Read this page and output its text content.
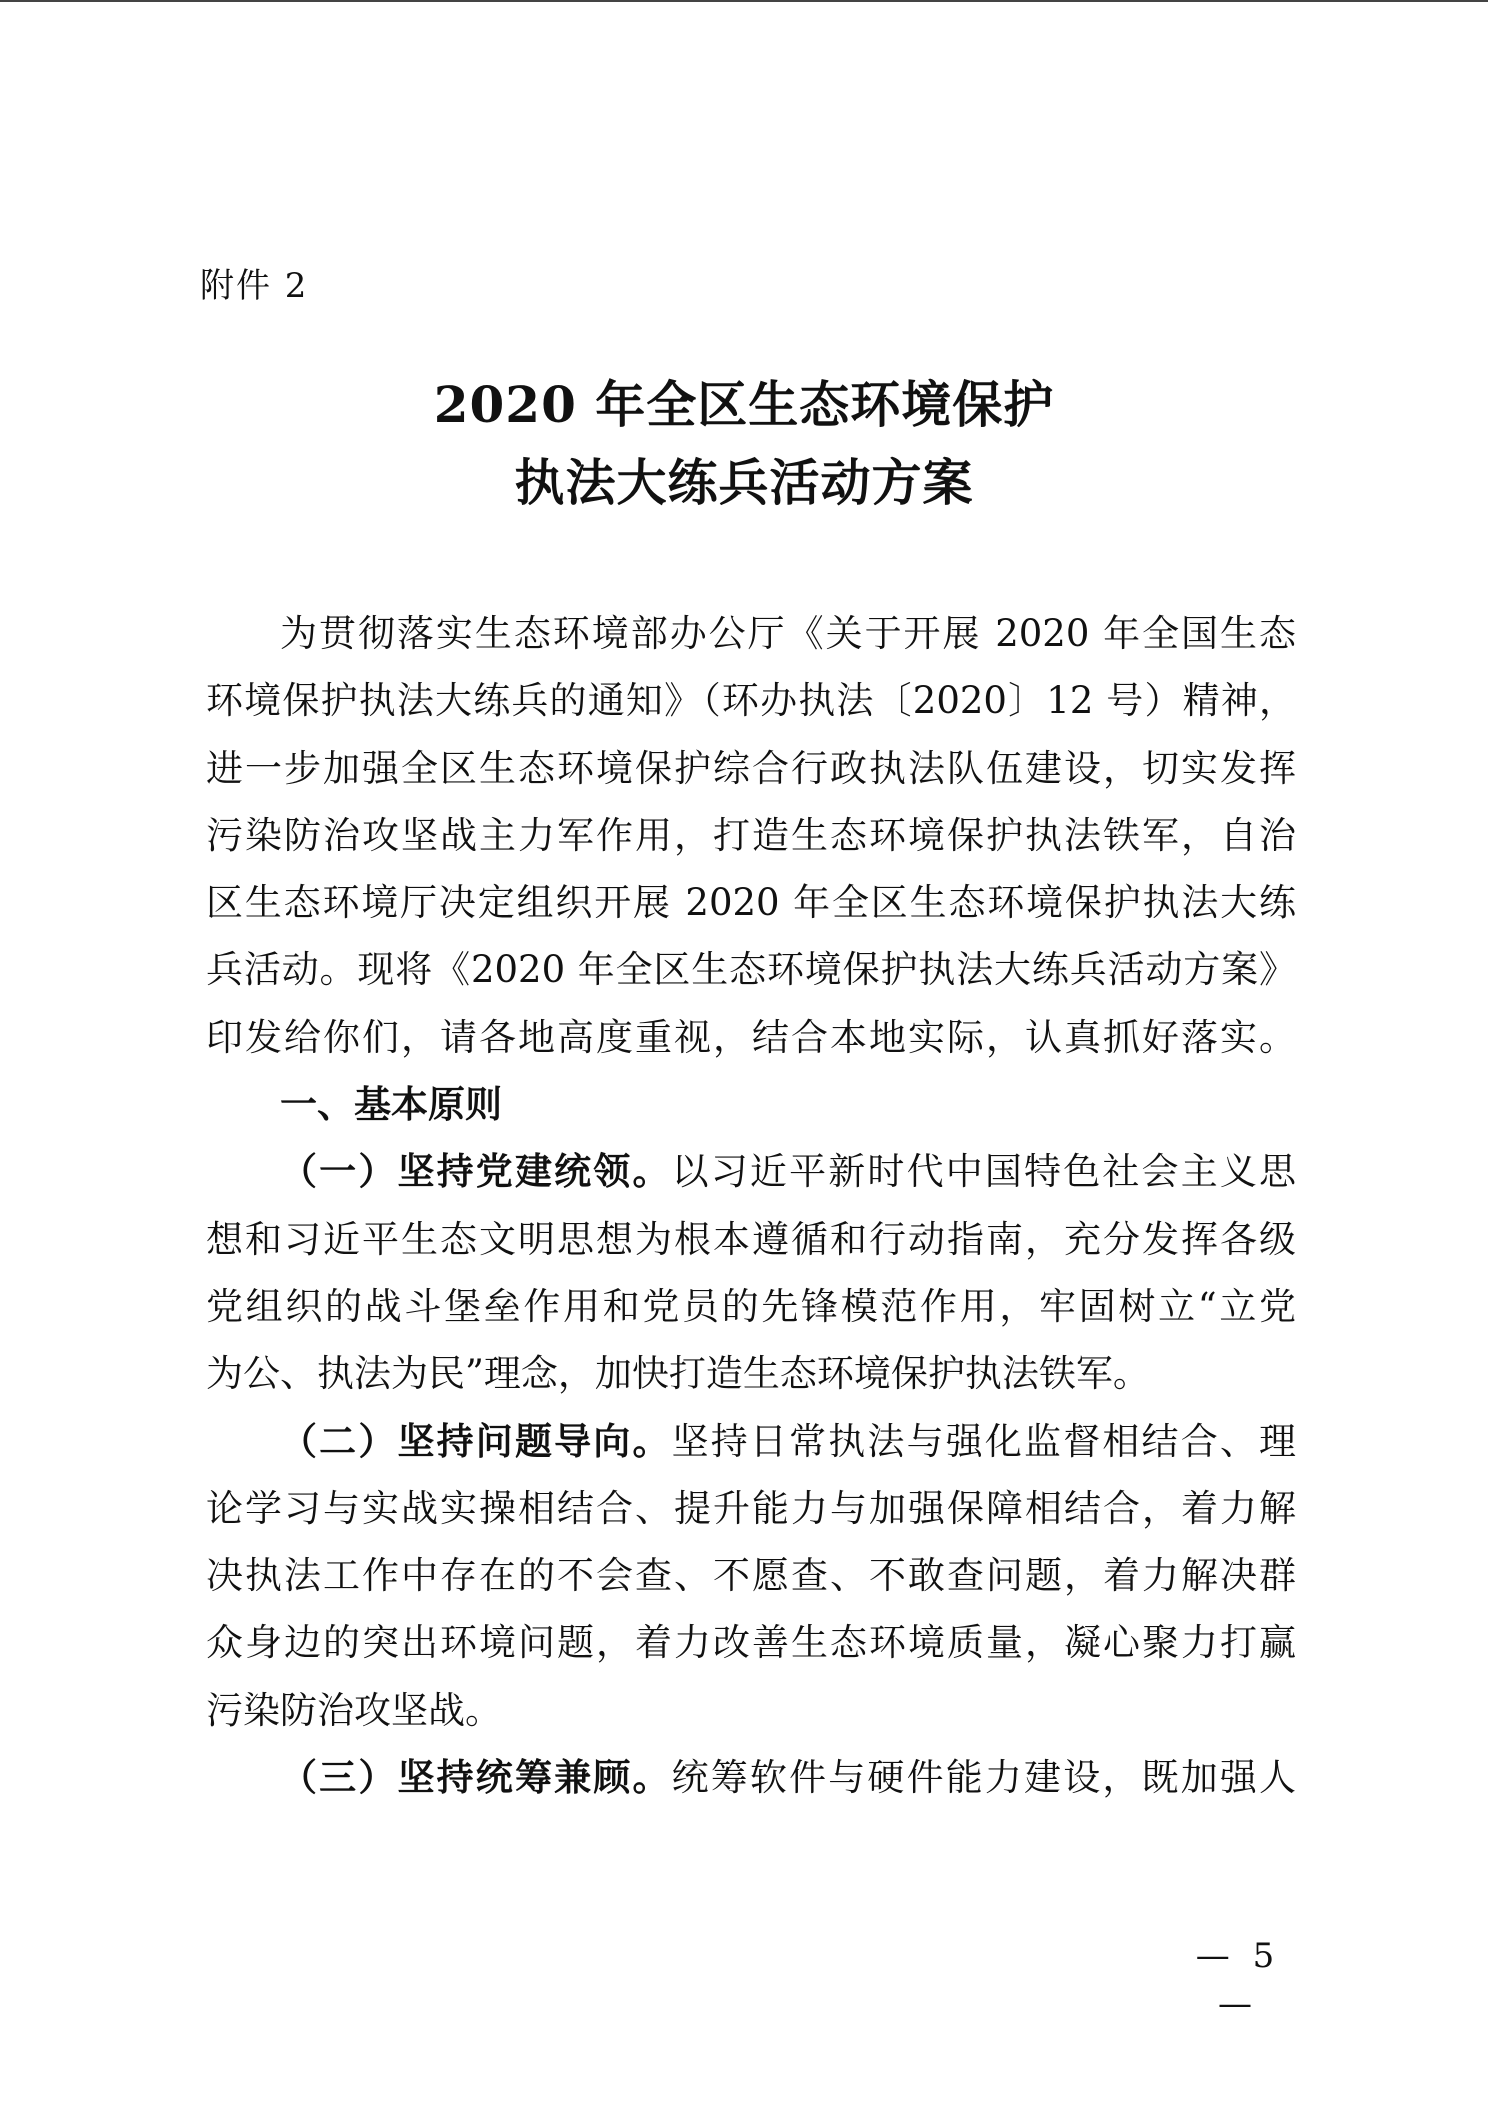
附件 2
2020 年全区生态环境保护
执法大练兵活动方案
为贯彻落实生态环境部办公厅《关于开展 2020 年全国生态
环境保护执法大练兵的通知》（环办执法〔2020〕12 号）精神，
进一步加强全区生态环境保护综合行政执法队伍建设，切实发挥
污染防治攻坚战主力军作用，打造生态环境保护执法铁军，自治
区生态环境厅决定组织开展 2020 年全区生态环境保护执法大练
兵活动。现将《2020 年全区生态环境保护执法大练兵活动方案》
印发给你们，请各地高度重视，结合本地实际，认真抓好落实。
一、基本原则
（一）坚持党建统领。以习近平新时代中国特色社会主义思
想和习近平生态文明思想为根本遵循和行动指南，充分发挥各级
党组织的战斗堡垒作用和党员的先锋模范作用，牢固树立“立党
为公、执法为民”理念，加快打造生态环境保护执法铁军。
（二）坚持问题导向。坚持日常执法与强化监督相结合、理
论学习与实战实操相结合、提升能力与加强保障相结合，着力解
决执法工作中存在的不会查、不愿查、不敢查问题，着力解决群
众身边的突出环境问题，着力改善生态环境质量，凝心聚力打赢
污染防治攻坚战。
（三）坚持统筹兼顾。统筹软件与硬件能力建设，既加强人
— 5 —
